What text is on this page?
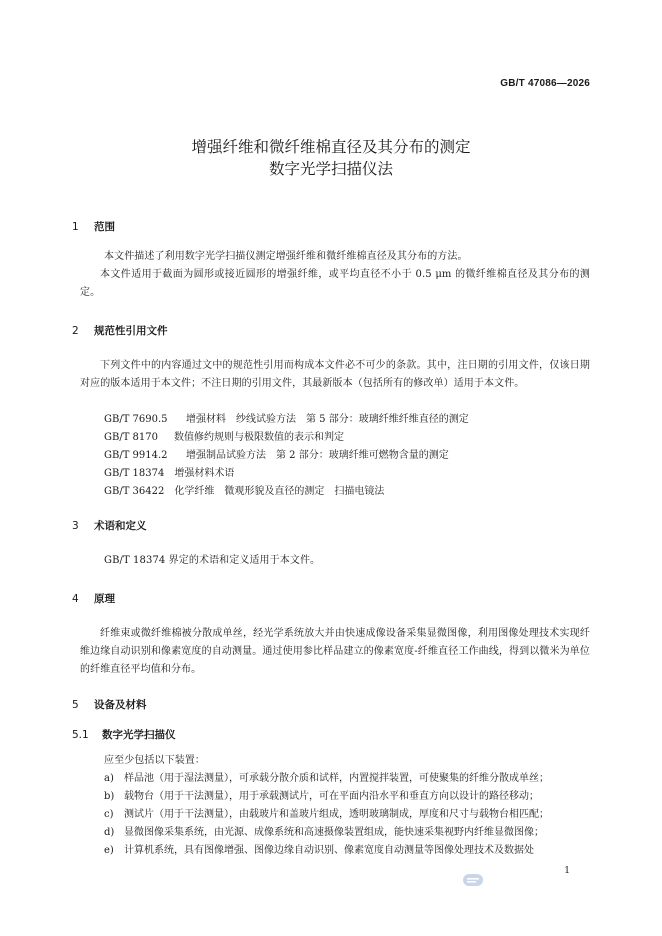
GB/T 47086—2026
增强纤维和微纤维棉直径及其分布的测定
数字光学扫描仪法
1 范围
本文件描述了利用数字光学扫描仪测定增强纤维和微纤维棉直径及其分布的方法。
本文件适用于截面为圆形或接近圆形的增强纤维，或平均直径不小于 0.5 μm 的微纤维棉直径及其分布的测定。
2 规范性引用文件
下列文件中的内容通过文中的规范性引用而构成本文件必不可少的条款。其中，注日期的引用文件，仅该日期对应的版本适用于本文件；不注日期的引用文件，其最新版本（包括所有的修改单）适用于本文件。
GB/T 7690.5　 增强材料　纱线试验方法　第 5 部分：玻璃纤维纤维直径的测定
GB/T 8170　 数值修约规则与极限数值的表示和判定
GB/T 9914.2　 增强制品试验方法　第 2 部分：玻璃纤维可燃物含量的测定
GB/T 18374　 增强材料术语
GB/T 36422　 化学纤维　微观形貌及直径的测定　扫描电镜法
3 术语和定义
GB/T 18374 界定的术语和定义适用于本文件。
4 原理
纤维束或微纤维棉被分散成单丝，经光学系统放大并由快速成像设备采集显微图像，利用图像处理技术实现纤维边缘自动识别和像素宽度的自动测量。通过使用参比样品建立的像素宽度-纤维直径工作曲线，得到以微米为单位的纤维直径平均值和分布。
5 设备及材料
5.1 数字光学扫描仪
应至少包括以下装置：
a) 样品池（用于湿法测量），可承载分散介质和试样，内置搅拌装置，可使聚集的纤维分散成单丝；
b) 载物台（用于干法测量），用于承载测试片，可在平面内沿水平和垂直方向以设计的路径移动；
c) 测试片（用于干法测量），由载玻片和盖玻片组成，透明玻璃制成，厚度和尺寸与载物台相匹配；
d) 显微图像采集系统，由光源、成像系统和高速摄像装置组成，能快速采集视野内纤维显微图像；
e) 计算机系统，具有图像增强、图像边缘自动识别、像素宽度自动测量等图像处理技术及数据处
1
